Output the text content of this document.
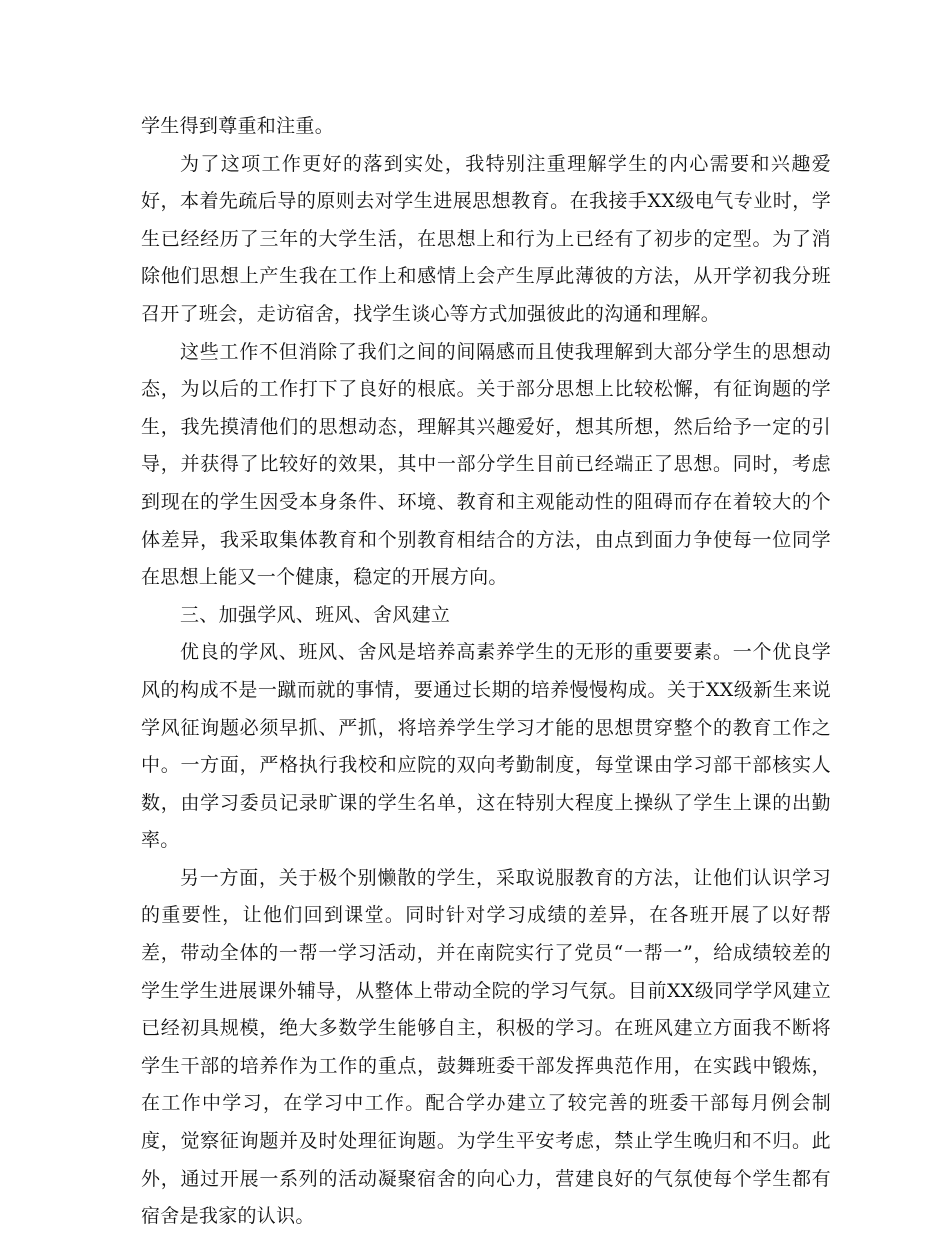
学生得到尊重和注重。

为了这项工作更好的落到实处，我特别注重理解学生的内心需要和兴趣爱好，本着先疏后导的原则去对学生进展思想教育。在我接手XX级电气专业时，学生已经经历了三年的大学生活，在思想上和行为上已经有了初步的定型。为了消除他们思想上产生我在工作上和感情上会产生厚此薄彼的方法，从开学初我分班召开了班会，走访宿舍，找学生谈心等方式加强彼此的沟通和理解。

这些工作不但消除了我们之间的间隔感而且使我理解到大部分学生的思想动态，为以后的工作打下了良好的根底。关于部分思想上比较松懈，有征询题的学生，我先摸清他们的思想动态，理解其兴趣爱好，想其所想，然后给予一定的引导，并获得了比较好的效果，其中一部分学生目前已经端正了思想。同时，考虑到现在的学生因受本身条件、环境、教育和主观能动性的阻碍而存在着较大的个体差异，我采取集体教育和个别教育相结合的方法，由点到面力争使每一位同学在思想上能又一个健康，稳定的开展方向。

三、加强学风、班风、舍风建立

优良的学风、班风、舍风是培养高素养学生的无形的重要要素。一个优良学风的构成不是一蹴而就的事情，要通过长期的培养慢慢构成。关于XX级新生来说学风征询题必须早抓、严抓，将培养学生学习才能的思想贯穿整个的教育工作之中。一方面，严格执行我校和应院的双向考勤制度，每堂课由学习部干部核实人数，由学习委员记录旷课的学生名单，这在特别大程度上操纵了学生上课的出勤率。

另一方面，关于极个别懒散的学生，采取说服教育的方法，让他们认识学习的重要性，让他们回到课堂。同时针对学习成绩的差异，在各班开展了以好帮差，带动全体的一帮一学习活动，并在南院实行了党员“一帮一”，给成绩较差的学生学生进展课外辅导，从整体上带动全院的学习气氛。目前XX级同学学风建立已经初具规模，绝大多数学生能够自主，积极的学习。在班风建立方面我不断将学生干部的培养作为工作的重点，鼓舞班委干部发挥典范作用，在实践中锻炼，在工作中学习，在学习中工作。配合学办建立了较完善的班委干部每月例会制度，觉察征询题并及时处理征询题。为学生平安考虑，禁止学生晚归和不归。此外，通过开展一系列的活动凝聚宿舍的向心力，营建良好的气氛使每个学生都有宿舍是我家的认识。
